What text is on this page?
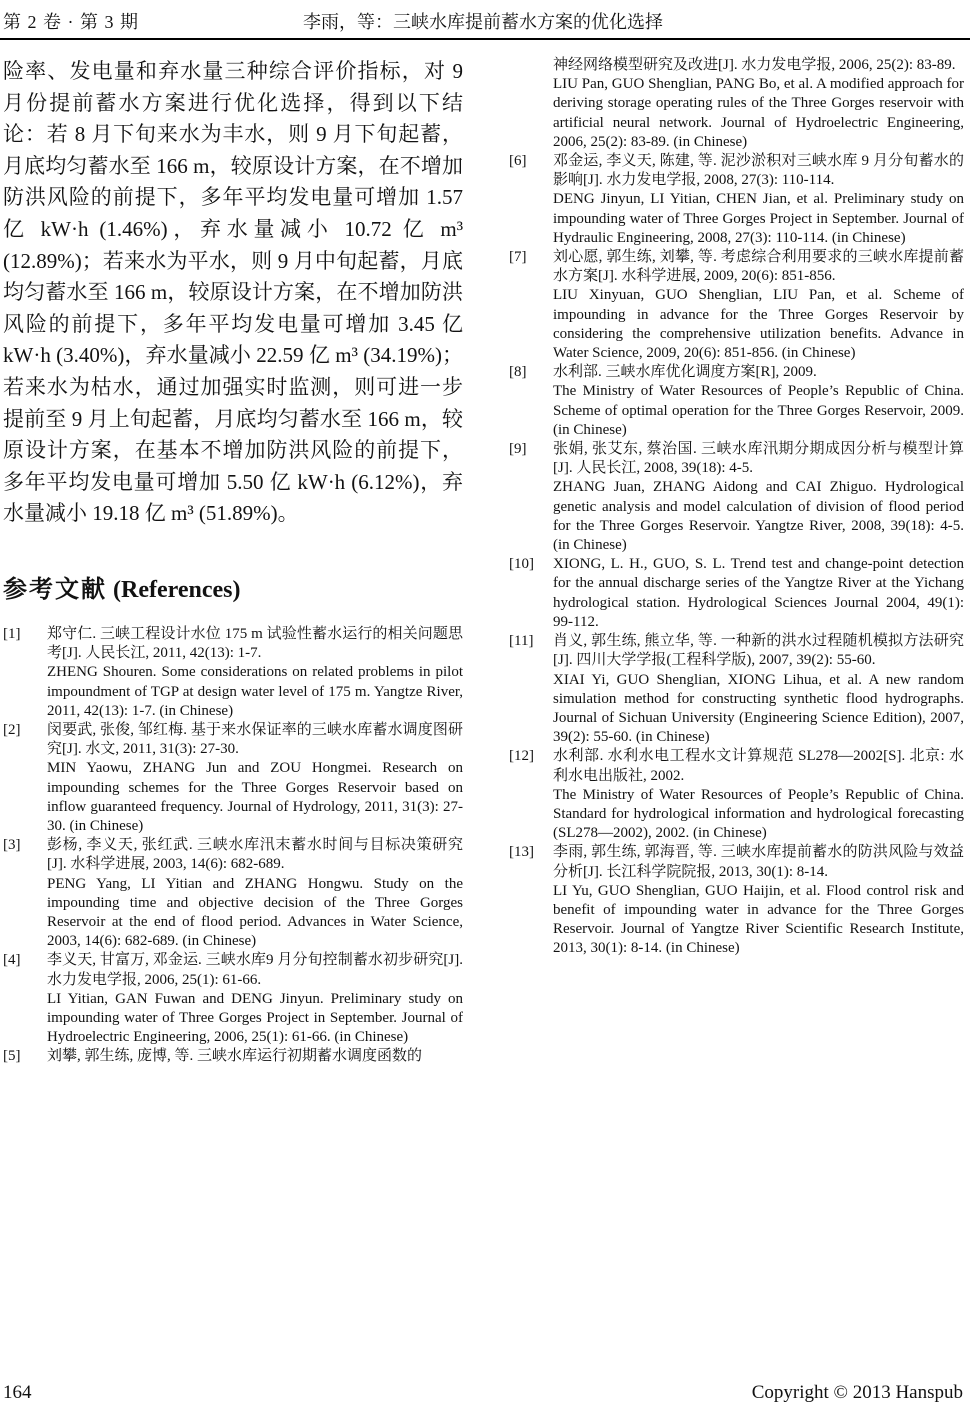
第 2 卷 · 第 3 期	李雨，等：三峡水库提前蓄水方案的优化选择

险率、发电量和弃水量三种综合评价指标，对 9 月份提前蓄水方案进行优化选择，得到以下结论：若 8 月下旬来水为丰水，则 9 月下旬起蓄，月底均匀蓄水至 166 m，较原设计方案，在不增加防洪风险的前提下，多年平均发电量可增加 1.57 亿 kW·h (1.46%)，弃水量减小 10.72 亿 m³ (12.89%)；若来水为平水，则 9 月中旬起蓄，月底均匀蓄水至 166 m，较原设计方案，在不增加防洪风险的前提下，多年平均发电量可增加 3.45 亿 kW·h (3.40%)，弃水量减小 22.59 亿 m³ (34.19%)；若来水为枯水，通过加强实时监测，则可进一步提前至 9 月上旬起蓄，月底均匀蓄水至 166 m，较原设计方案，在基本不增加防洪风险的前提下，多年平均发电量可增加 5.50 亿 kW·h (6.12%)，弃水量减小 19.18 亿 m³ (51.89%)。

参考文献 (References)
[1] 郑守仁. 三峡工程设计水位 175 m 试验性蓄水运行的相关问题思考[J]. 人民长江, 2011, 42(13): 1-7.
ZHENG Shouren. Some considerations on related problems in pilot impoundment of TGP at design water level of 175 m. Yangtze River, 2011, 42(13): 1-7. (in Chinese)
[2] 闵要武, 张俊, 邹红梅. 基于来水保证率的三峡水库蓄水调度图研究[J]. 水文, 2011, 31(3): 27-30.
MIN Yaowu, ZHANG Jun and ZOU Hongmei. Research on impounding schemes for the Three Gorges Reservoir based on inflow guaranteed frequency. Journal of Hydrology, 2011, 31(3): 27-30. (in Chinese)
[3] 彭杨, 李义天, 张红武. 三峡水库汛末蓄水时间与目标决策研究[J]. 水科学进展, 2003, 14(6): 682-689.
PENG Yang, LI Yitian and ZHANG Hongwu. Study on the impounding time and objective decision of the Three Gorges Reservoir at the end of flood period. Advances in Water Science, 2003, 14(6): 682-689. (in Chinese)
[4] 李义天, 甘富万, 邓金运. 三峡水库9 月分旬控制蓄水初步研究[J]. 水力发电学报, 2006, 25(1): 61-66.
LI Yitian, GAN Fuwan and DENG Jinyun. Preliminary study on impounding water of Three Gorges Project in September. Journal of Hydroelectric Engineering, 2006, 25(1): 61-66. (in Chinese)
[5] 刘攀, 郭生练, 庞博, 等. 三峡水库运行初期蓄水调度函数的
神经网络模型研究及改进[J]. 水力发电学报, 2006, 25(2): 83-89.
LIU Pan, GUO Shenglian, PANG Bo, et al. A modified approach for deriving storage operating rules of the Three Gorges reservoir with artificial neural network. Journal of Hydroelectric Engineering, 2006, 25(2): 83-89. (in Chinese)
[6] 邓金运, 李义天, 陈建, 等. 泥沙淤积对三峡水库 9 月分旬蓄水的影响[J]. 水力发电学报, 2008, 27(3): 110-114.
DENG Jinyun, LI Yitian, CHEN Jian, et al. Preliminary study on impounding water of Three Gorges Project in September. Journal of Hydraulic Engineering, 2008, 27(3): 110-114. (in Chinese)
[7] 刘心愿, 郭生练, 刘攀, 等. 考虑综合利用要求的三峡水库提前蓄水方案[J]. 水科学进展, 2009, 20(6): 851-856.
LIU Xinyuan, GUO Shenglian, LIU Pan, et al. Scheme of impounding in advance for the Three Gorges Reservoir by considering the comprehensive utilization benefits. Advance in Water Science, 2009, 20(6): 851-856. (in Chinese)
[8] 水利部. 三峡水库优化调度方案[R], 2009.
The Ministry of Water Resources of People’s Republic of China. Scheme of optimal operation for the Three Gorges Reservoir, 2009. (in Chinese)
[9] 张娟, 张艾东, 蔡治国. 三峡水库汛期分期成因分析与模型计算[J]. 人民长江, 2008, 39(18): 4-5.
ZHANG Juan, ZHANG Aidong and CAI Zhiguo. Hydrological genetic analysis and model calculation of division of flood period for the Three Gorges Reservoir. Yangtze River, 2008, 39(18): 4-5. (in Chinese)
[10] XIONG, L. H., GUO, S. L. Trend test and change-point detection for the annual discharge series of the Yangtze River at the Yichang hydrological station. Hydrological Sciences Journal 2004, 49(1): 99-112.
[11] 肖义, 郭生练, 熊立华, 等. 一种新的洪水过程随机模拟方法研究[J]. 四川大学学报(工程科学版), 2007, 39(2): 55-60.
XIAI Yi, GUO Shenglian, XIONG Lihua, et al. A new random simulation method for constructing synthetic flood hydrographs. Journal of Sichuan University (Engineering Science Edition), 2007, 39(2): 55-60. (in Chinese)
[12] 水利部. 水利水电工程水文计算规范 SL278—2002[S]. 北京: 水利水电出版社, 2002.
The Ministry of Water Resources of People’s Republic of China. Standard for hydrological information and hydrological forecasting (SL278—2002), 2002. (in Chinese)
[13] 李雨, 郭生练, 郭海晋, 等. 三峡水库提前蓄水的防洪风险与效益分析[J]. 长江科学院院报, 2013, 30(1): 8-14.
LI Yu, GUO Shenglian, GUO Haijin, et al. Flood control risk and benefit of impounding water in advance for the Three Gorges Reservoir. Journal of Yangtze River Scientific Research Institute, 2013, 30(1): 8-14. (in Chinese)
164	Copyright © 2013 Hanspub
